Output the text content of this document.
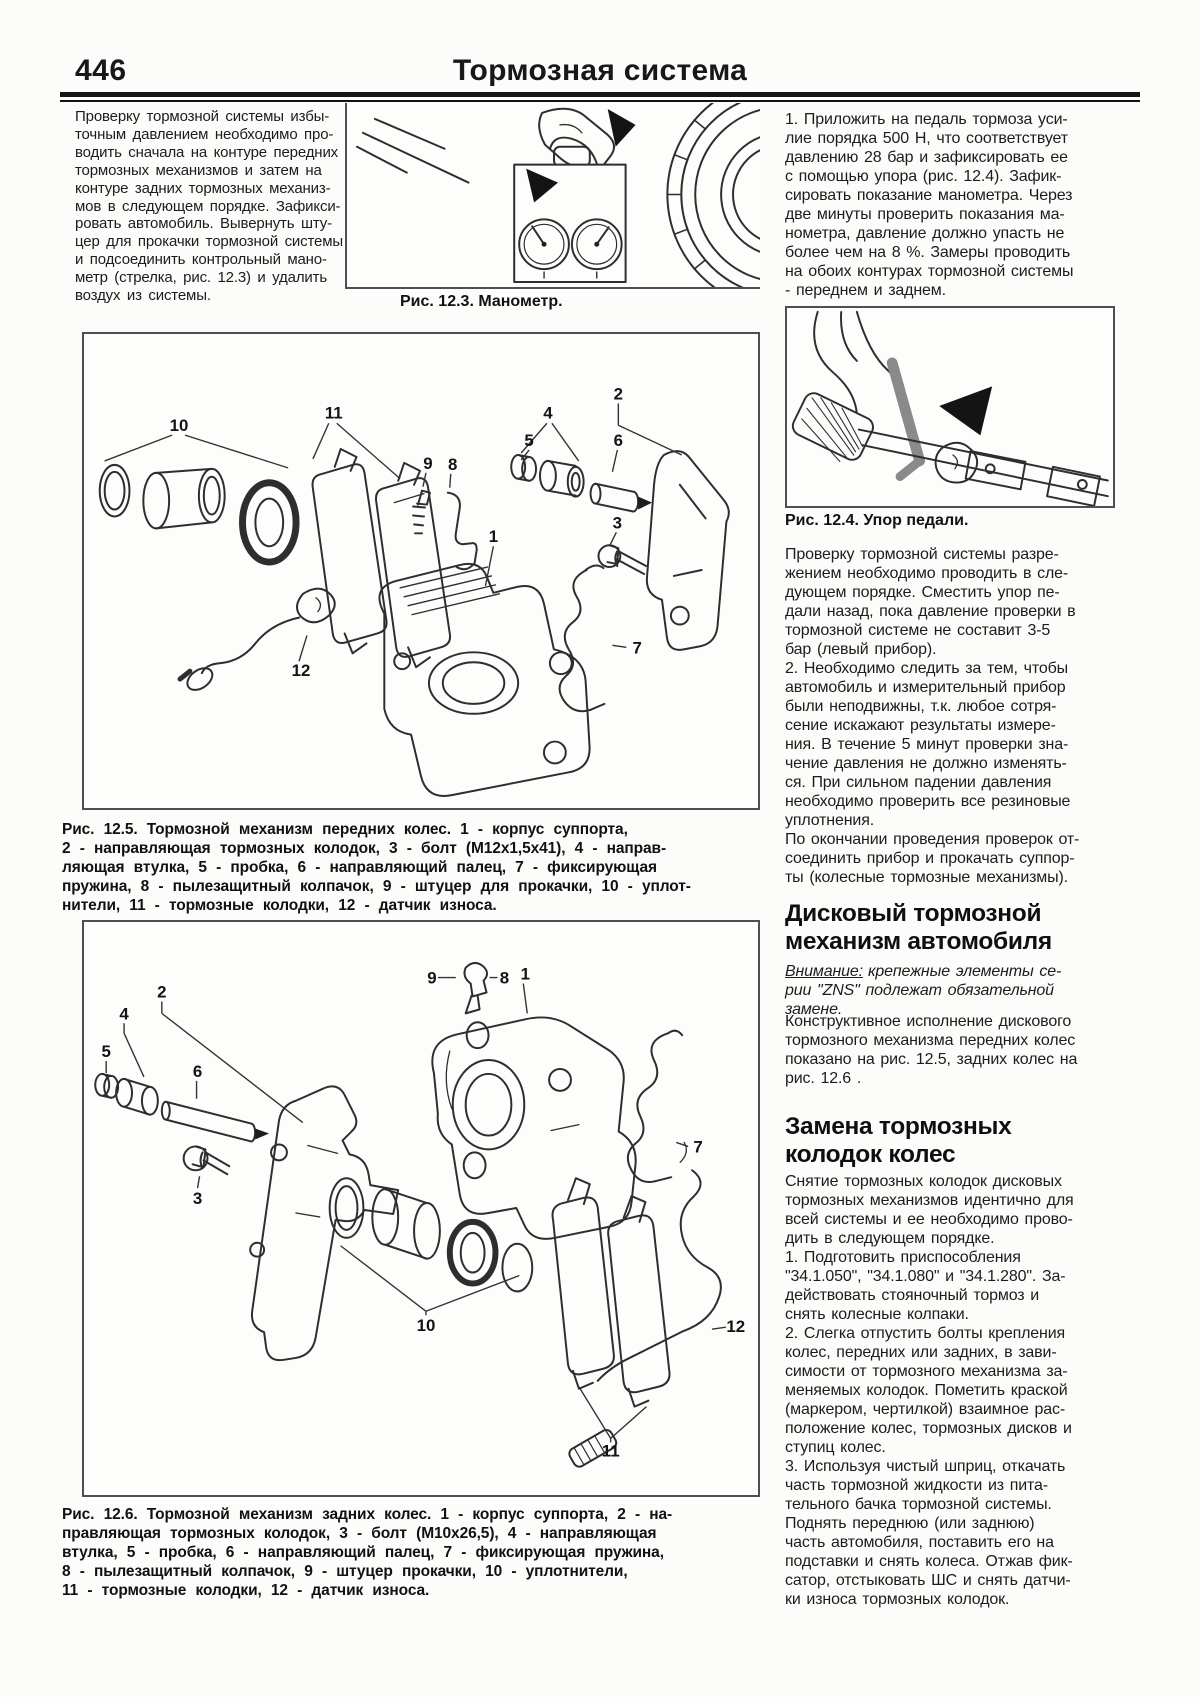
446	Тормозная система
Проверку тормозной системы избы-
точным давлением необходимо про-
водить сначала на контуре передних
тормозных механизмов и затем на
контуре задних тормозных механиз-
мов в следующем порядке. Зафикси-
ровать автомобиль. Вывернуть шту-
цер для прокачки тормозной системы
и подсоединить контрольный мано-
метр (стрелка, рис. 12.3) и удалить
воздух из системы.	Рис. 12.3. Манометр.
1. Приложить на педаль тормоза уси-
лие порядка 500 Н, что соответствует
давлению 28 бар и зафиксировать ее
с помощью упора (рис. 12.4). Зафик-
сировать показание манометра. Через
две минуты проверить показания ма-
нометра, давление должно упасть не
более чем на 8 %. Замеры проводить
на обоих контурах тормозной системы
- переднем и заднем.
Рис. 12.4. Упор педали.
Проверку тормозной системы разре-
жением необходимо проводить в сле-
дующем порядке. Сместить упор пе-
дали назад, пока давление проверки в
тормозной системе не составит 3-5
бар (левый прибор).
2. Необходимо следить за тем, чтобы
автомобиль и измерительный прибор
были неподвижны, т.к. любое сотря-
сение искажают результаты измере-
ния. В течение 5 минут проверки зна-
чение давления не должно изменять-
ся. При сильном падении давления
необходимо проверить все резиновые
уплотнения.
По окончании проведения проверок от-
соединить прибор и прокачать суппор-
ты (колесные тормозные механизмы).
Дисковый тормозной
механизм автомобиля
Внимание: крепежные элементы се-
рии "ZNS" подлежат обязательной
замене.
Конструктивное исполнение дискового
тормозного механизма передних колес
показано на рис. 12.5, задних колес на
рис. 12.6 .
Замена тормозных
колодок колес
Снятие тормозных колодок дисковых
тормозных механизмов идентично для
всей системы и ее необходимо прово-
дить в следующем порядке.
1. Подготовить приспособления
"34.1.050", "34.1.080" и "34.1.280". За-
действовать стояночный тормоз и
снять колесные колпаки.
2. Слегка отпустить болты крепления
колес, передних или задних, в зави-
симости от тормозного механизма за-
меняемых колодок. Пометить краской
(маркером, чертилкой) взаимное рас-
положение колес, тормозных дисков и
ступиц колес.
3. Используя чистый шприц, откачать
часть тормозной жидкости из пита-
тельного бачка тормозной системы.
Поднять переднюю (или заднюю)
часть автомобиля, поставить его на
подставки и снять колеса. Отжав фик-
сатор, отстыковать ШС и снять датчи-
ки износа тормозных колодок.
10
11
2
4
5	6
9 8
1
3
7
12
Рис. 12.5. Тормозной механизм передних колес. 1 - корпус суппорта,
2 - направляющая тормозных колодок, 3 - болт (М12х1,5х41), 4 - направ-
ляющая втулка, 5 - пробка, 6 - направляющий палец, 7 - фиксирующая
пружина, 8 - пылезащитный колпачок, 9 - штуцер для прокачки, 10 - уплот-
нители, 11 - тормозные колодки, 12 - датчик износа.
9	8 1
2
4
5
6
3
7
10
11
12
Рис. 12.6. Тормозной механизм задних колес. 1 - корпус суппорта, 2 - на-
правляющая тормозных колодок, 3 - болт (М10х26,5), 4 - направляющая
втулка, 5 - пробка, 6 - направляющий палец, 7 - фиксирующая пружина,
8 - пылезащитный колпачок, 9 - штуцер прокачки, 10 - уплотнители,
11 - тормозные колодки, 12 - датчик износа.
